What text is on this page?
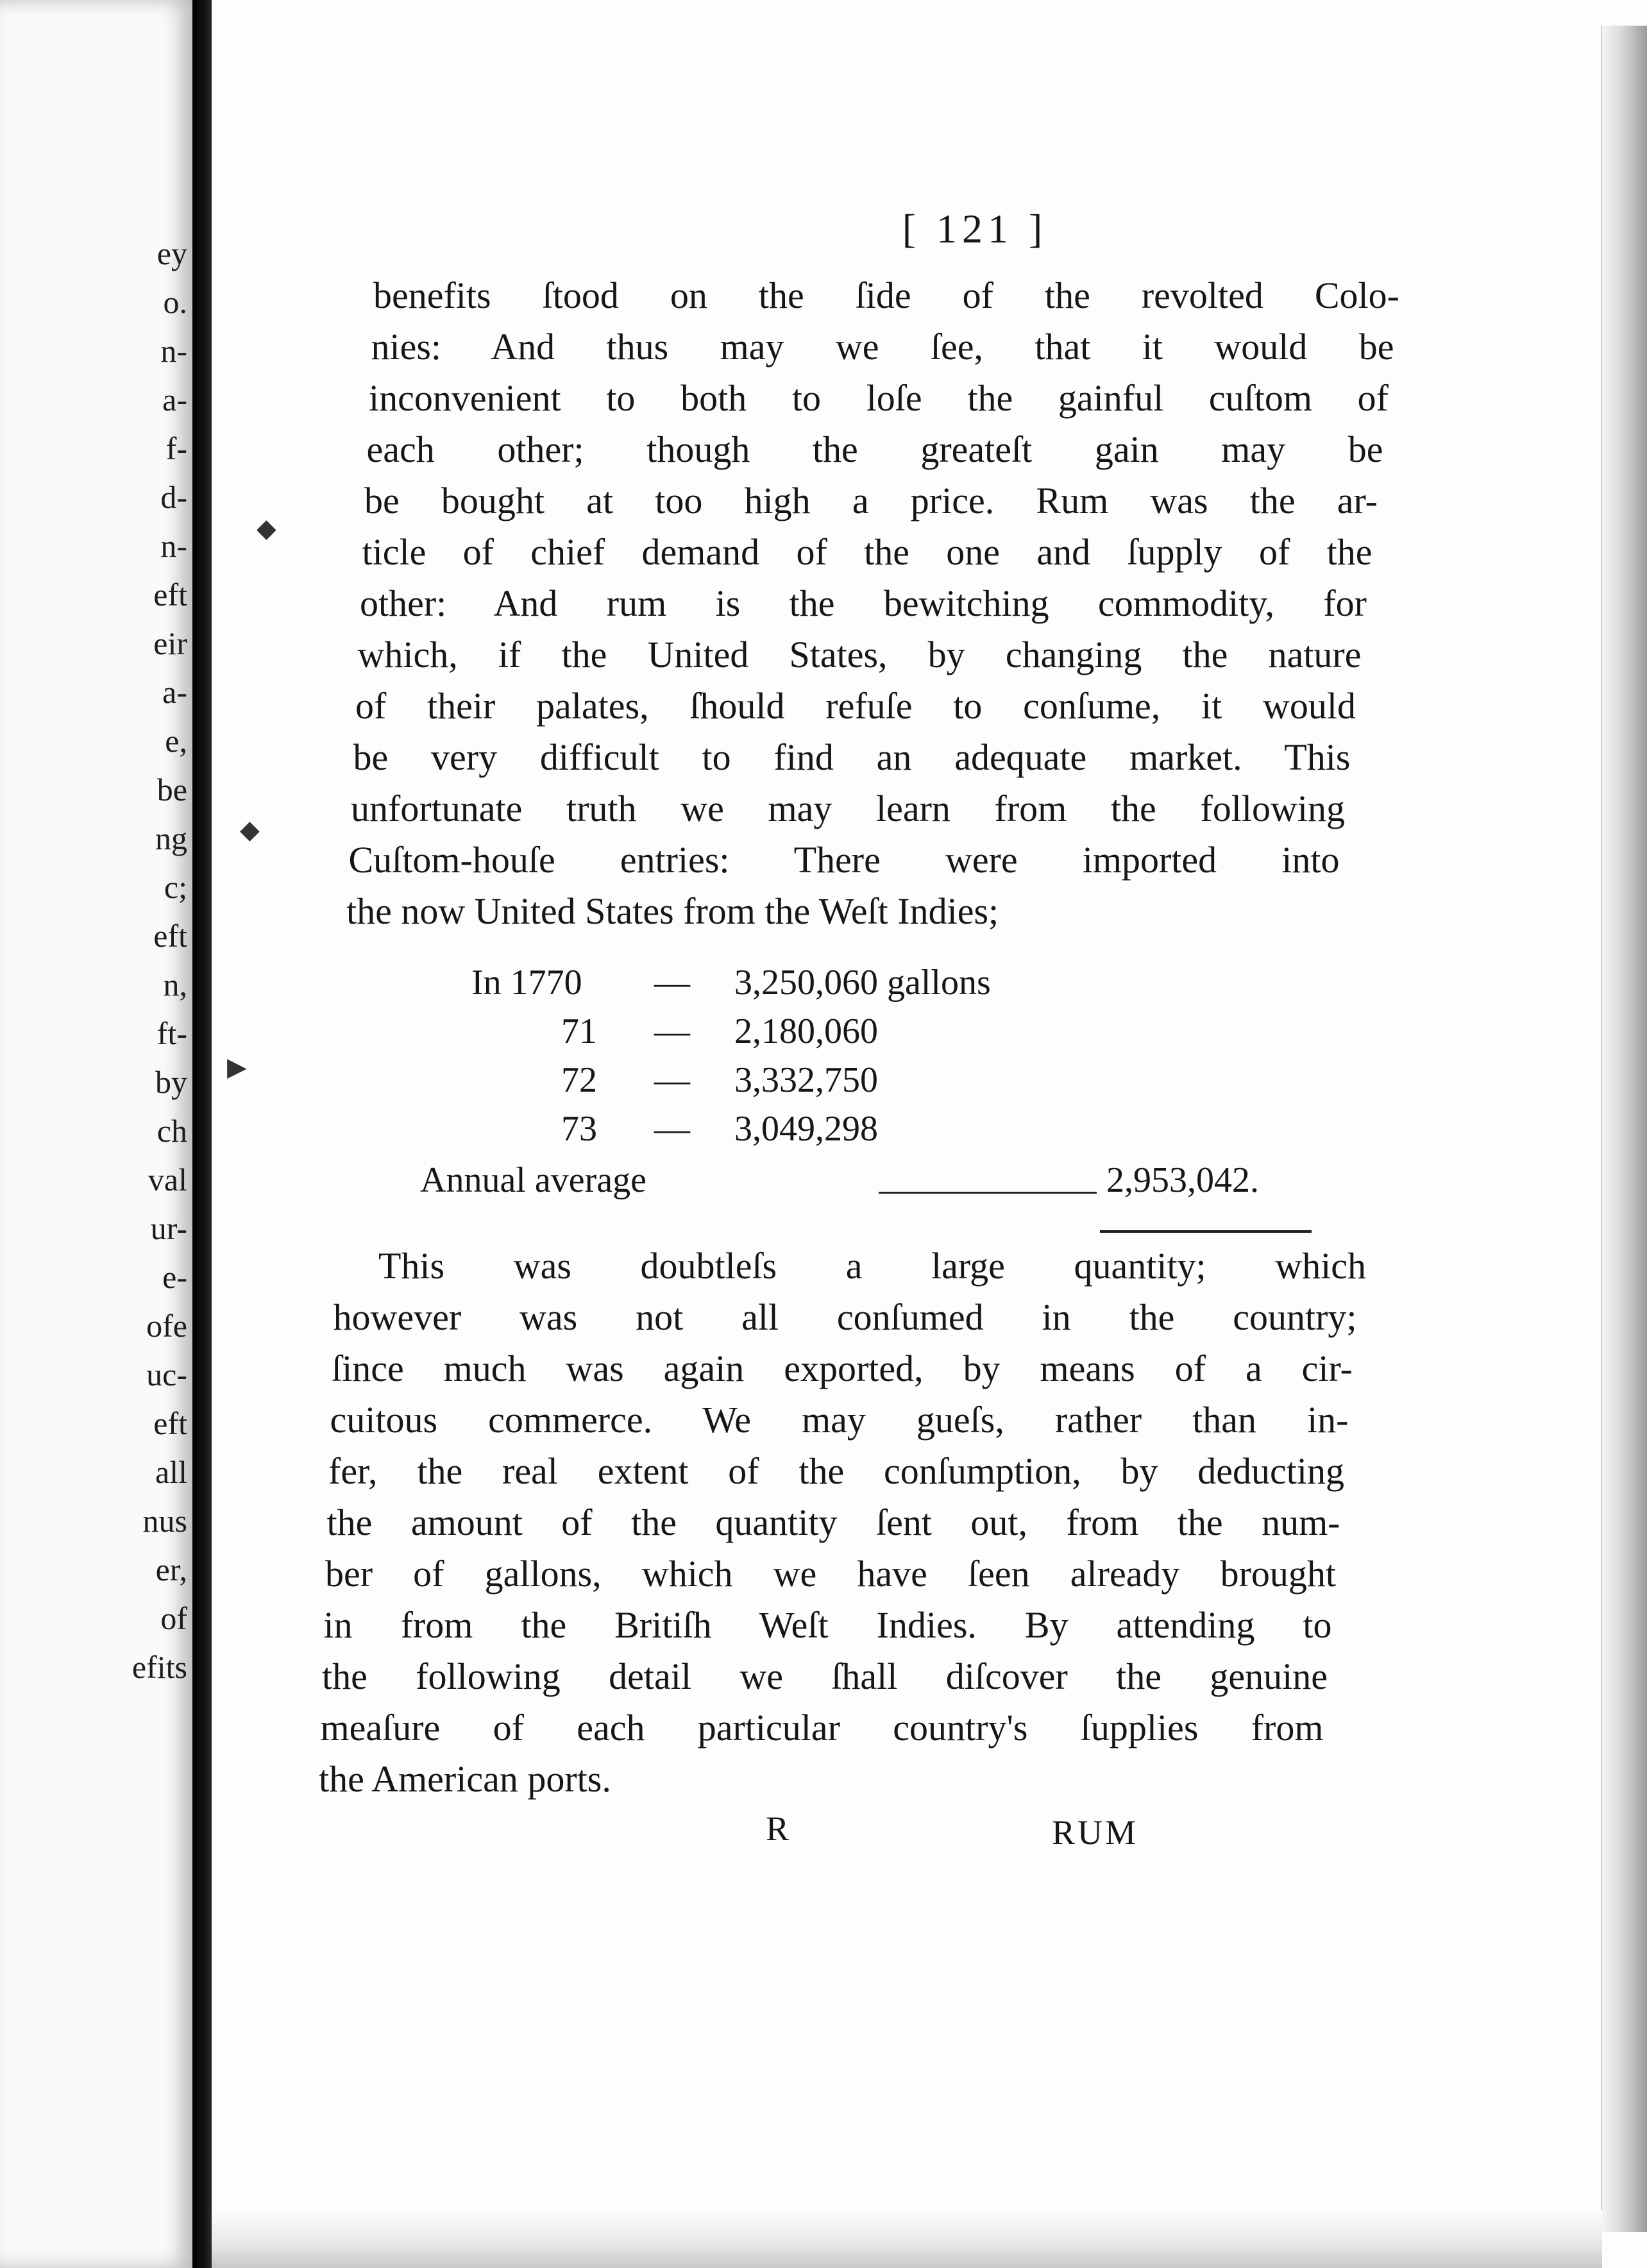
ey
o.
n-
a-
f-
d-
n-
eft
eir
a-
e,
be
ng
c;
eft
n,
ft-
by
ch
val
ur-
e-
ofe
uc-
eft
all
nus
er,
of
efits
[ 121 ]
benefits ſtood on the ſide of the revolted Colo-
nies: And thus may we ſee, that it would be
inconvenient to both to loſe the gainful cuſtom of
each other; though the greateſt gain may be
be bought at too high a price. Rum was the ar-
ticle of chief demand of the one and ſupply of the
other: And rum is the bewitching commodity, for
which, if the United States, by changing the nature
of their palates, ſhould refuſe to conſume, it would
be very difficult to find an adequate market. This
unfortunate truth we may learn from the following
Cuſtom-houſe entries: There were imported into
the now United States from the Weſt Indies;
In 1770 — 3,250,060 gallons
71 — 2,180,060
72 — 3,332,750
73 — 3,049,298
Annual average	2,953,042.
This was doubtleſs a large quantity; which
however was not all conſumed in the country;
ſince much was again exported, by means of a cir-
cuitous commerce. We may gueſs, rather than in-
fer, the real extent of the conſumption, by deducting
the amount of the quantity ſent out, from the num-
ber of gallons, which we have ſeen already brought
in from the Britiſh Weſt Indies. By attending to
the following detail we ſhall diſcover the genuine
meaſure of each particular country's ſupplies from
the American ports.
R	RUM
◆
◆
▶
